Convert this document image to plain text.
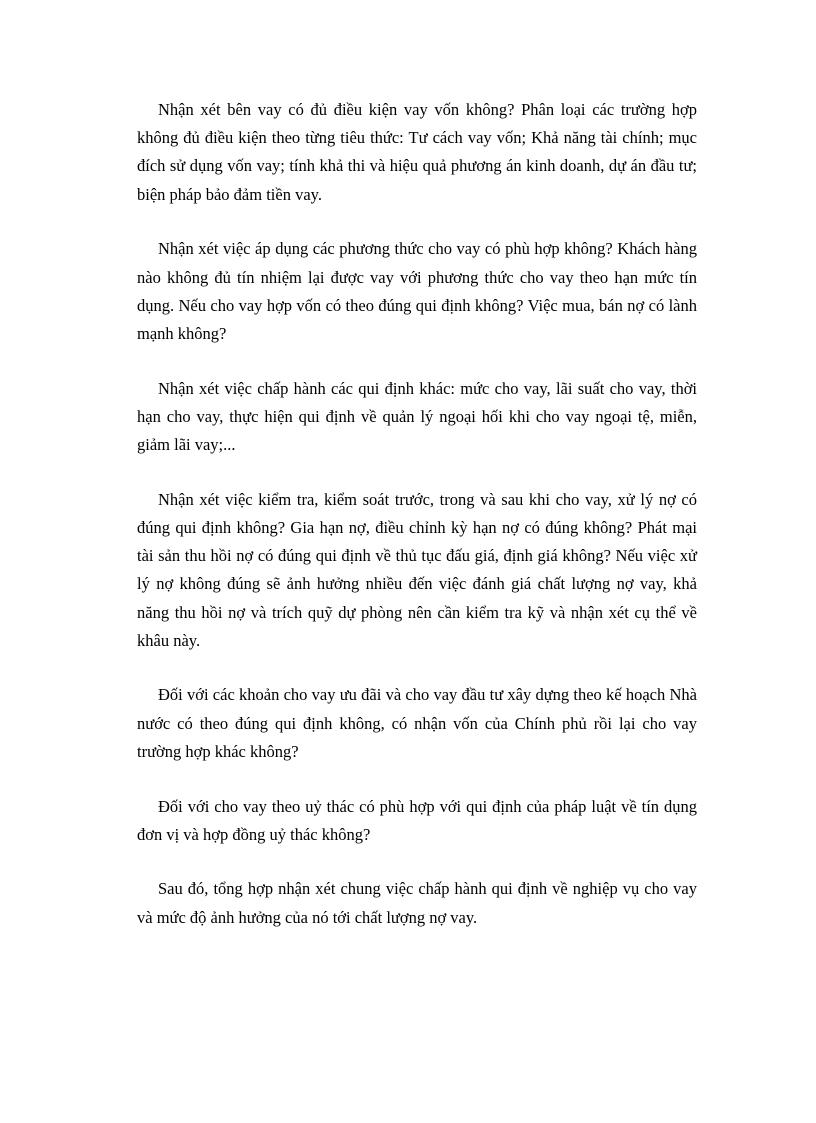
Nhận xét bên vay có đủ điều kiện vay vốn không? Phân loại các trường hợp không đủ điều kiện theo từng tiêu thức: Tư cách vay vốn; Khả năng tài chính; mục đích sử dụng vốn vay; tính khả thi và hiệu quả phương án kinh doanh, dự án đầu tư; biện pháp bảo đảm tiền vay.

Nhận xét việc áp dụng các phương thức cho vay có phù hợp không? Khách hàng nào không đủ tín nhiệm lại được vay với phương thức cho vay theo hạn mức tín dụng. Nếu cho vay hợp vốn có theo đúng qui định không? Việc mua, bán nợ có lành mạnh không?

Nhận xét việc chấp hành các qui định khác: mức cho vay, lãi suất cho vay, thời hạn cho vay, thực hiện qui định về quản lý ngoại hối khi cho vay ngoại tệ, miễn, giảm lãi vay;...

Nhận xét việc kiểm tra, kiểm soát trước, trong và sau khi cho vay, xử lý nợ có đúng qui định không? Gia hạn nợ, điều chỉnh kỳ hạn nợ có đúng không? Phát mại tài sản thu hồi nợ có đúng qui định về thủ tục đấu giá, định giá không? Nếu việc xử lý nợ không đúng sẽ ảnh hưởng nhiều đến việc đánh giá chất lượng nợ vay, khả năng thu hồi nợ và trích quỹ dự phòng nên cần kiểm tra kỹ và nhận xét cụ thể về khâu này.

Đối với các khoản cho vay ưu đãi và cho vay đầu tư xây dựng theo kế hoạch Nhà nước có theo đúng qui định không, có nhận vốn của Chính phủ rồi lại cho vay trường hợp khác không?

Đối với cho vay theo uỷ thác có phù hợp với qui định của pháp luật về tín dụng đơn vị và hợp đồng uỷ thác không?

Sau đó, tổng hợp nhận xét chung việc chấp hành qui định về nghiệp vụ cho vay và mức độ ảnh hưởng của nó tới chất lượng nợ vay.
